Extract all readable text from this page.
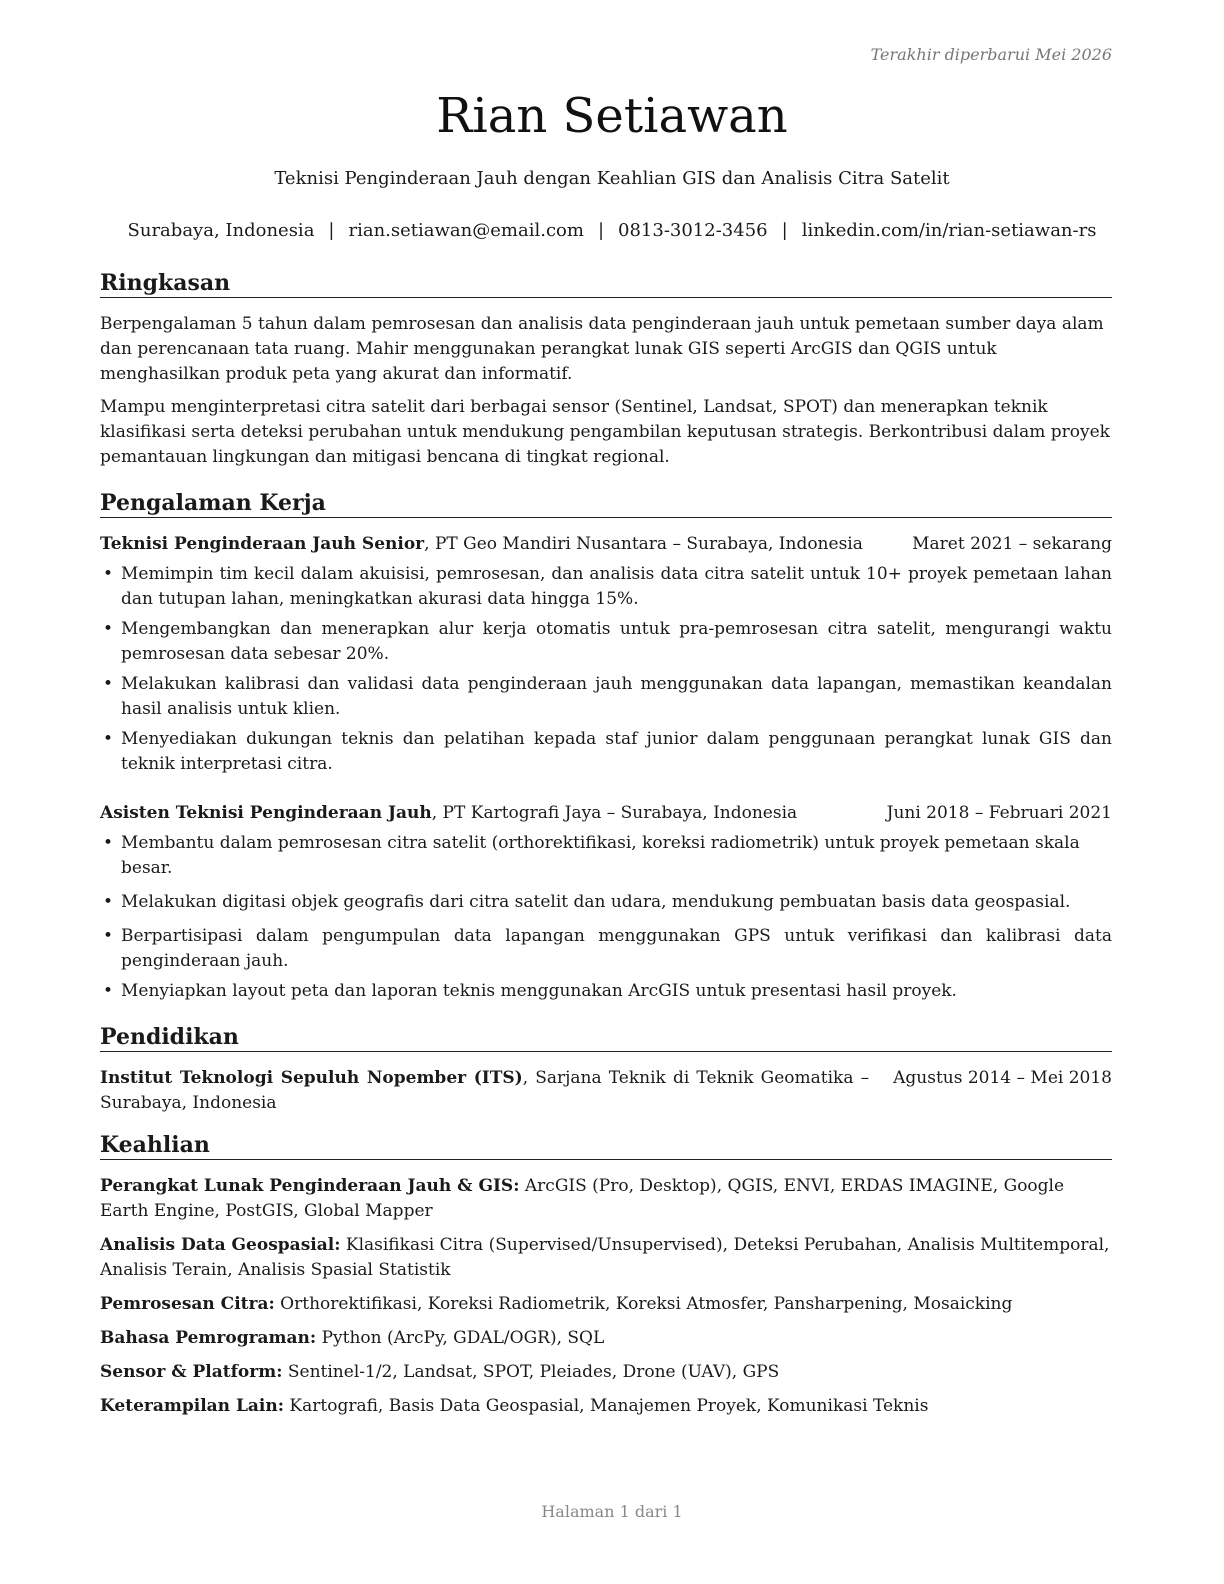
Terakhir diperbarui Mei 2026
Rian Setiawan
Teknisi Penginderaan Jauh dengan Keahlian GIS dan Analisis Citra Satelit
Surabaya, Indonesia | rian.setiawan@email.com | 0813-3012-3456 | linkedin.com/in/rian-setiawan-rs
Ringkasan

Berpengalaman 5 tahun dalam pemrosesan dan analisis data penginderaan jauh untuk pemetaan sumber daya alam dan perencanaan tata ruang. Mahir menggunakan perangkat lunak GIS seperti ArcGIS dan QGIS untuk menghasilkan produk peta yang akurat dan informatif.

Mampu menginterpretasi citra satelit dari berbagai sensor (Sentinel, Landsat, SPOT) dan menerapkan teknik klasifikasi serta deteksi perubahan untuk mendukung pengambilan keputusan strategis. Berkontribusi dalam proyek pemantauan lingkungan dan mitigasi bencana di tingkat regional.

Pengalaman Kerja
Teknisi Penginderaan Jauh Senior, PT Geo Mandiri Nusantara – Surabaya, Indonesia	Maret 2021 – sekarang
• Memimpin tim kecil dalam akuisisi, pemrosesan, dan analisis data citra satelit untuk 10+ proyek pemetaan lahan dan tutupan lahan, meningkatkan akurasi data hingga 15%.
• Mengembangkan dan menerapkan alur kerja otomatis untuk pra-pemrosesan citra satelit, mengurangi waktu pemrosesan data sebesar 20%.
• Melakukan kalibrasi dan validasi data penginderaan jauh menggunakan data lapangan, memastikan keandalan hasil analisis untuk klien.
• Menyediakan dukungan teknis dan pelatihan kepada staf junior dalam penggunaan perangkat lunak GIS dan teknik interpretasi citra.
Asisten Teknisi Penginderaan Jauh, PT Kartografi Jaya – Surabaya, Indonesia	Juni 2018 – Februari 2021
• Membantu dalam pemrosesan citra satelit (orthorektifikasi, koreksi radiometrik) untuk proyek pemetaan skala besar.
• Melakukan digitasi objek geografis dari citra satelit dan udara, mendukung pembuatan basis data geospasial.
• Berpartisipasi dalam pengumpulan data lapangan menggunakan GPS untuk verifikasi dan kalibrasi data penginderaan jauh.
• Menyiapkan layout peta dan laporan teknis menggunakan ArcGIS untuk presentasi hasil proyek.
Pendidikan
Institut Teknologi Sepuluh Nopember (ITS), Sarjana Teknik di Teknik Geomatika – Surabaya, Indonesia
Agustus 2014 – Mei 2018
Keahlian

Perangkat Lunak Penginderaan Jauh & GIS: ArcGIS (Pro, Desktop), QGIS, ENVI, ERDAS IMAGINE, Google Earth Engine, PostGIS, Global Mapper

Analisis Data Geospasial: Klasifikasi Citra (Supervised/Unsupervised), Deteksi Perubahan, Analisis Multitemporal, Analisis Terain, Analisis Spasial Statistik

Pemrosesan Citra: Orthorektifikasi, Koreksi Radiometrik, Koreksi Atmosfer, Pansharpening, Mosaicking

Bahasa Pemrograman: Python (ArcPy, GDAL/OGR), SQL

Sensor & Platform: Sentinel-1/2, Landsat, SPOT, Pleiades, Drone (UAV), GPS

Keterampilan Lain: Kartografi, Basis Data Geospasial, Manajemen Proyek, Komunikasi Teknis

Halaman 1 dari 1
